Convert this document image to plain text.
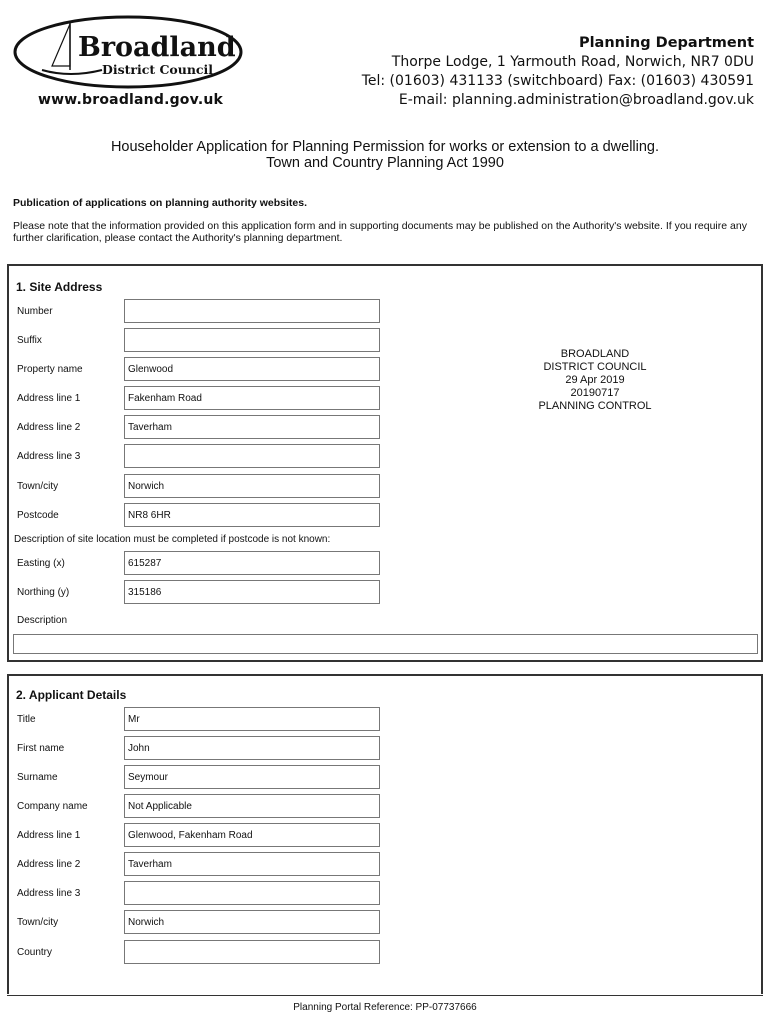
Broadland
District Council
www.broadland.gov.uk
Planning Department
Thorpe Lodge, 1 Yarmouth Road, Norwich, NR7 0DU
Tel: (01603) 431133 (switchboard) Fax: (01603) 430591
E-mail: planning.administration@broadland.gov.uk
Householder Application for Planning Permission for works or extension to a dwelling.
Town and Country Planning Act 1990
Publication of applications on planning authority websites.
Please note that the information provided on this application form and in supporting documents may be published on the Authority's website. If you require any further clarification, please contact the Authority's planning department.
1. Site Address
Number
Suffix
Property name	Glenwood
Address line 1	Fakenham Road
Address line 2	Taverham
Address line 3
Town/city	Norwich
Postcode	NR8 6HR
Description of site location must be completed if postcode is not known:
Easting (x)	615287
Northing (y)	315186
Description
BROADLAND
DISTRICT COUNCIL
29 Apr 2019
20190717
PLANNING CONTROL
2. Applicant Details
Title	Mr
First name	John
Surname	Seymour
Company name	Not Applicable
Address line 1	Glenwood, Fakenham Road
Address line 2	Taverham
Address line 3
Town/city	Norwich
Country
Planning Portal Reference: PP-07737666
